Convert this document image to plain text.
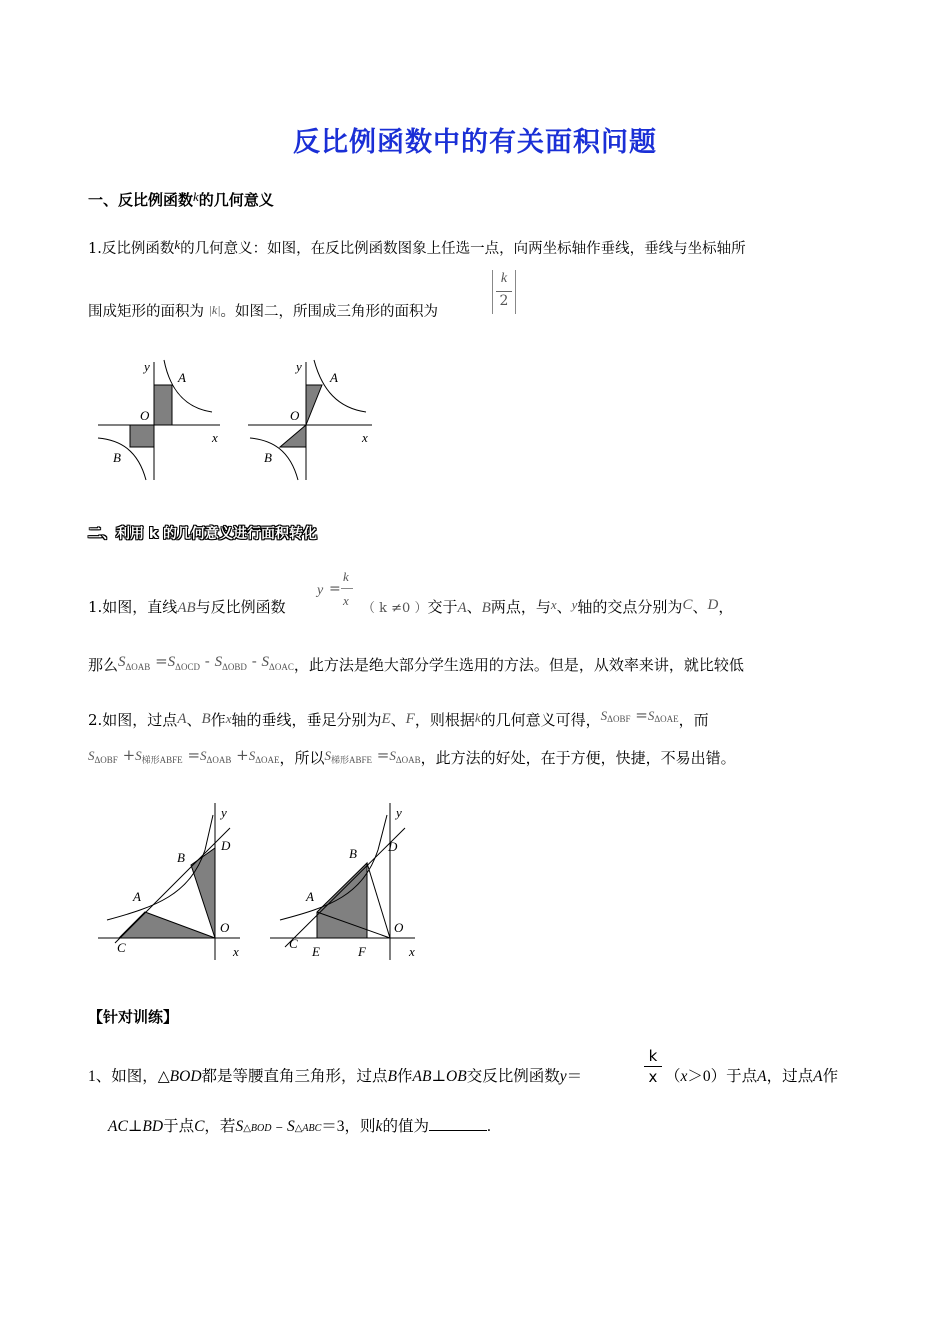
反比例函数中的有关面积问题
一、反比例函数k的几何意义
1.反比例函数k的几何意义：如图，在反比例函数图象上任选一点，向两坐标轴作垂线，垂线与坐标轴所
围成矩形的面积为 |k|。如图二，所围成三角形的面积为
k
2
y
A
O
x
B
y
A
O
x
B
二、利用 k 的几何意义进行面积转化
1.如图，直线AB与反比例函数
y =
k
x
（ k ≠0 ）交于A、B两点，与x、y轴的交点分别为C、D，
那么SΔOAB =SΔOCD - SΔOBD - SΔOAC，此方法是绝大部分学生选用的方法。但是，从效率来讲，就比较低
2.如图，过点A、B作x轴的垂线，垂足分别为E、F，则根据k的几何意义可得，$S^{\Delta OBF} =S^{\Delta OAE}$，而
SΔOBF +S梯形ABFE =SΔOAB +SΔOAE，所以S梯形ABFE =SΔOAB，此方法的好处，在于方便，快捷，不易出错。
y
D
B
A
O
C	x
y
B D
A
O
C
E	F	x
【针对训练】
1、如图，△BOD都是等腰直角三角形，过点B作AB⊥OB交反比例函数y＝
k
x （x＞0）于点A，过点A作
AC⊥BD于点C，若S△BOD﹣S△ABC＝3，则k的值为	.
